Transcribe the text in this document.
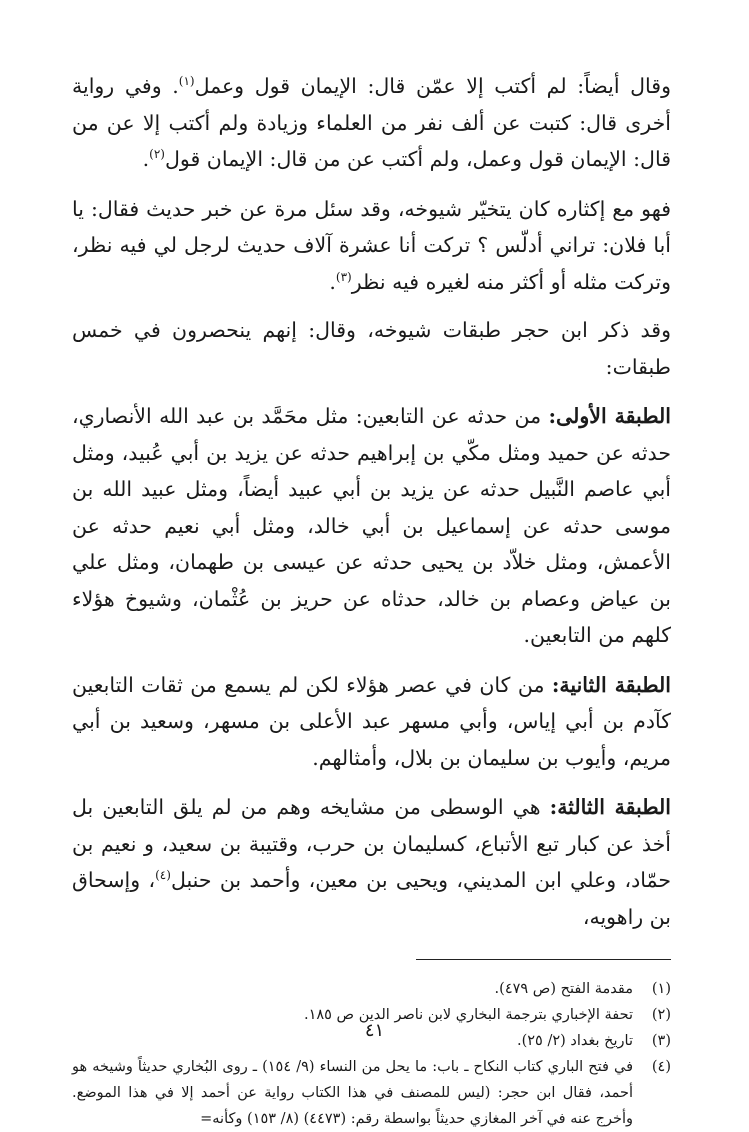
وقال أيضاً: لم أكتب إلا عمّن قال: الإيمان قول وعمل$^{(١)}$. وفي رواية أخرى قال: كتبت عن ألف نفر من العلماء وزيادة ولم أكتب إلا عن من قال: الإيمان قول وعمل، ولم أكتب عن من قال: الإيمان قول$^{(٢)}$.

فهو مع إكثاره كان يتخيّر شيوخه، وقد سئل مرة عن خبر حديث فقال: يا أبا فلان: تراني أدلّس ؟ تركت أنا عشرة آلاف حديث لرجل لي فيه نظر، وتركت مثله أو أكثر منه لغيره فيه نظر$^{(٣)}$.

وقد ذكر ابن حجر طبقات شيوخه، وقال: إنهم ينحصرون في خمس طبقات:

الطبقة الأولى: من حدثه عن التابعين: مثل محَمَّد بن عبد الله الأنصاري، حدثه عن حميد ومثل مكّي بن إبراهيم حدثه عن يزيد بن أبي عُبيد، ومثل أبي عاصم النَّبيل حدثه عن يزيد بن أبي عبيد أيضاً، ومثل عبيد الله بن موسى حدثه عن إسماعيل بن أبي خالد، ومثل أبي نعيم حدثه عن الأعمش، ومثل خلاّد بن يحيى حدثه عن عيسى بن طهمان، ومثل علي بن عياض وعصام بن خالد، حدثاه عن حريز بن عُثْمان، وشيوخ هؤلاء كلهم من التابعين.

الطبقة الثانية: من كان في عصر هؤلاء لكن لم يسمع من ثقات التابعين كآدم بن أبي إياس، وأبي مسهر عبد الأعلى بن مسهر، وسعيد بن أبي مريم، وأيوب بن سليمان بن بلال، وأمثالهم.

الطبقة الثالثة: هي الوسطى من مشايخه وهم من لم يلق التابعين بل أخذ عن كبار تبع الأتباع، كسليمان بن حرب، وقتيبة بن سعيد، و نعيم بن حمّاد، وعلي ابن المديني، ويحيى بن معين، وأحمد بن حنبل$^{(٤)}$، وإسحاق بن راهويه،

(١)
مقدمة الفتح (ص ٤٧٩).
(٢)
تحفة الإخباري بترجمة البخاري لابن ناصر الدين ص ١٨٥.
(٣)
تاريخ بغداد (٢/ ٢٥).
(٤)
في فتح الباري كتاب النكاح ـ باب: ما يحل من النساء (٩/ ١٥٤) ـ روى البُخاري حديثاً وشيخه هو أحمد، فقال ابن حجر: (ليس للمصنف في هذا الكتاب رواية عن أحمد إلا في هذا الموضع. وأخرج عنه في آخر المغازي حديثاً بواسطة رقم: (٤٤٧٣) (٨/ ١٥٣) وكأنه=
٤١
